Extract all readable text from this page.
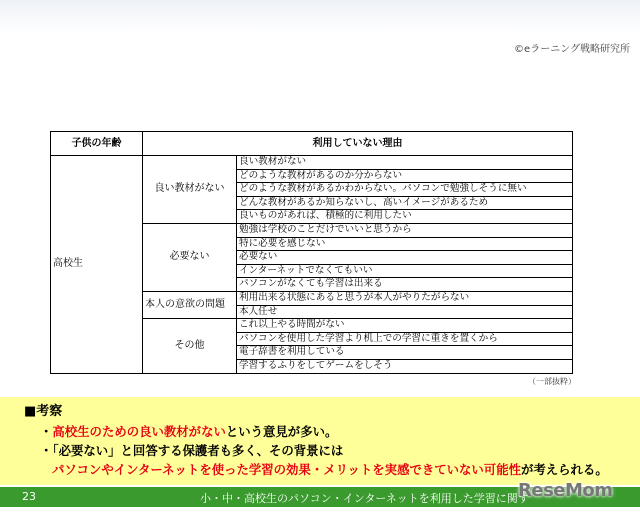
©eラーニング戦略研究所
子供の年齢	利用していない理由	
高校生	良い教材がない	良い教材がない
		どのような教材があるのか分からない
		どのような教材があるかわからない。パソコンで勉強しそうに無い
		どんな教材があるか知らないし、高いイメージがあるため
		良いものがあれば、積極的に利用したい
	必要ない	勉強は学校のことだけでいいと思うから
		特に必要を感じない
		必要ない
		インターネットでなくてもいい
		パソコンがなくても学習は出来る
	本人の意欲の問題	利用出来る状態にあると思うが本人がやりたがらない
		本人任せ
	その他	これ以上やる時間がない
		パソコンを使用した学習より机上での学習に重きを置くから
		電子辞書を利用している
		学習するふりをしてゲームをしそう
（一部抜粋）
■考察
・高校生のための良い教材がないという意見が多い。
・「必要ない」と回答する保護者も多く、その背景には
パソコンやインターネットを使った学習の効果・メリットを実感できていない可能性が考えられる。
23	小・中・高校生のパソコン・インターネットを利用した学習に関す
ReseMom
